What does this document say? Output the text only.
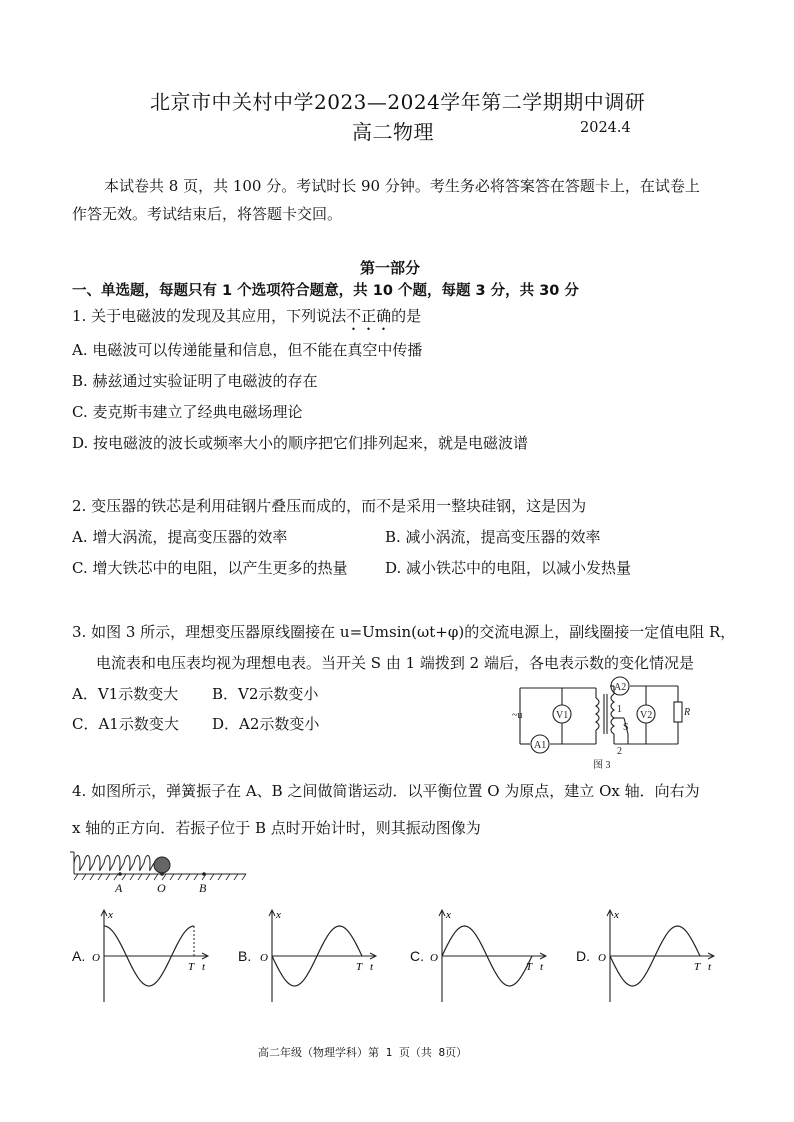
北京市中关村中学2023—2024学年第二学期期中调研
高二物理	2024.4
本试卷共 8 页，共 100 分。考试时长 90 分钟。考生务必将答案答在答题卡上，在试卷上
作答无效。考试结束后，将答题卡交回。
第一部分
一、单选题，每题只有 1 个选项符合题意，共 10 个题，每题 3 分，共 30 分
1. 关于电磁波的发现及其应用，下列说法不正确的是
A. 电磁波可以传递能量和信息，但不能在真空中传播
B. 赫兹通过实验证明了电磁波的存在
C. 麦克斯韦建立了经典电磁场理论
D. 按电磁波的波长或频率大小的顺序把它们排列起来，就是电磁波谱
2. 变压器的铁芯是利用硅钢片叠压而成的，而不是采用一整块硅钢，这是因为
A. 增大涡流，提高变压器的效率	B. 减小涡流，提高变压器的效率
C. 增大铁芯中的电阻，以产生更多的热量	D. 减小铁芯中的电阻，以减小发热量
3. 如图 3 所示，理想变压器原线圈接在 u=Umsin(ωt+φ)的交流电源上，副线圈接一定值电阻 R，
电流表和电压表均视为理想电表。当开关 S 由 1 端拨到 2 端后，各电表示数的变化情况是
A．V1示数变大 B．V2示数变小
C．A1示数变大 D．A2示数变小	~u	V1
A1
A2
V2
S
1
2
R
图 3
4. 如图所示，弹簧振子在 A、B 之间做简谐运动．以平衡位置 O 为原点，建立 Ox 轴．向右为
x 轴的正方向．若振子位于 B 点时开始计时，则其振动图像为
A	O	B
A.	B.	C.	D.
x
t
O
T
x
t
O
T
x
t
O
T
x
t
O
T
高二年级（物理学科）第 1 页（共 8页）
